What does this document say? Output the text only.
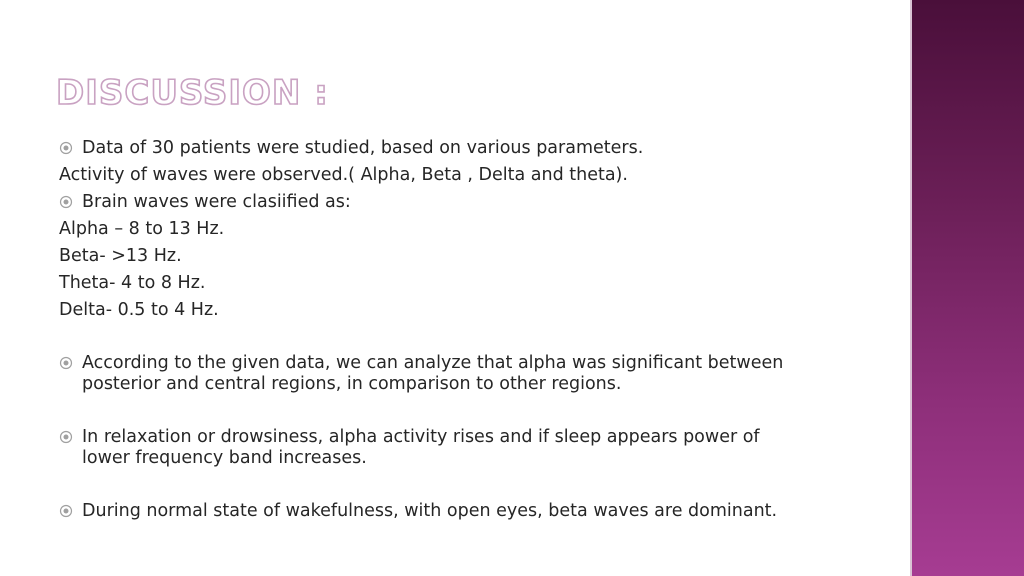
DISCUSSION :
Data of 30 patients were studied, based on various parameters.
Activity of waves were observed.( Alpha, Beta , Delta and theta).
Brain waves were clasiified as:
Alpha – 8 to 13 Hz.
Beta- >13 Hz.
Theta- 4 to 8 Hz.
Delta- 0.5 to 4 Hz.
According to the given data, we can analyze that alpha was significant between
posterior and central regions, in comparison to other regions.
In relaxation or drowsiness, alpha activity rises and if sleep appears power of
lower frequency band increases.
During normal state of wakefulness, with open eyes, beta waves are dominant.
